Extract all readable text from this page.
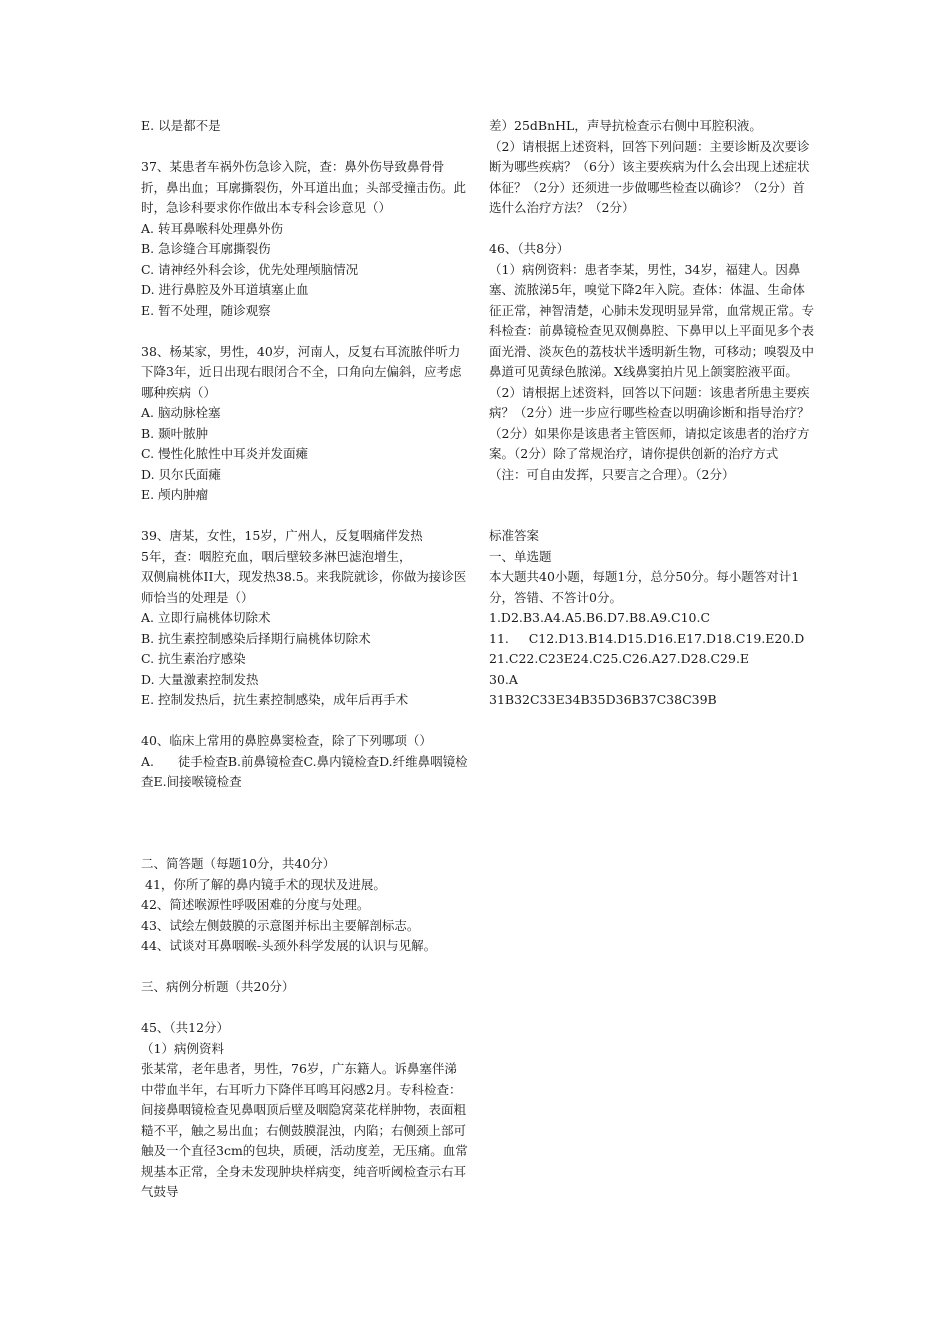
E. 以是都不是
37、某患者车祸外伤急诊入院，查：鼻外伤导致鼻骨骨折，鼻出血；耳廓撕裂伤，外耳道出血；头部受撞击伤。此时，急诊科要求你作做出本专科会诊意见（）
A. 转耳鼻喉科处理鼻外伤
B. 急诊缝合耳廓撕裂伤
C. 请神经外科会诊，优先处理颅脑情况
D. 进行鼻腔及外耳道填塞止血
E. 暂不处理，随诊观察
38、杨某家，男性，40岁，河南人，反复右耳流脓伴听力下降3年，近日出现右眼闭合不全，口角向左偏斜，应考虑哪种疾病（）
A. 脑动脉栓塞
B. 颞叶脓肿
C. 慢性化脓性中耳炎并发面瘫
D. 贝尔氏面瘫
E. 颅内肿瘤
39、唐某，女性，15岁，广州人，反复咽痛伴发热
5年，查：咽腔充血，咽后壁较多淋巴滤泡增生，
双侧扁桃体II大，现发热38.5。来我院就诊，你做为接诊医师恰当的处理是（）
A. 立即行扁桃体切除术
B. 抗生素控制感染后择期行扁桃体切除术
C. 抗生素治疗感染
D. 大量激素控制发热
E. 控制发热后，抗生素控制感染，成年后再手术
40、临床上常用的鼻腔鼻窦检查，除了下列哪项（）
A.      徒手检查B.前鼻镜检查C.鼻内镜检查D.纤维鼻咽镜检查E.间接喉镜检查
二、简答题（每题10分，共40分）
41，你所了解的鼻内镜手术的现状及进展。
42、简述喉源性呼吸困难的分度与处理。
43、试绘左侧鼓膜的示意图并标出主要解剖标志。
44、试谈对耳鼻咽喉-头颈外科学发展的认识与见解。
三、病例分析题（共20分）
45、（共12分）
（1）病例资料
张某常，老年患者，男性，76岁，广东籍人。诉鼻塞伴涕中带血半年，右耳听力下降伴耳鸣耳闷感2月。专科检查：间接鼻咽镜检查见鼻咽顶后壁及咽隐窝菜花样肿物，表面粗糙不平，触之易出血；右侧鼓膜混浊，内陷；右侧颈上部可触及一个直径3cm的包块，质硬，活动度差，无压痛。血常规基本正常，全身未发现肿块样病变，纯音听阈检查示右耳气鼓导
差）25dBnHL，声导抗检查示右侧中耳腔积液。
（2）请根据上述资料，回答下列问题：主要诊断及次要诊断为哪些疾病？（6分）该主要疾病为什么会出现上述症状体征？（2分）还须进一步做哪些检查以确诊？（2分）首选什么治疗方法？（2分）
46、（共8分）
（1）病例资料：患者李某，男性，34岁，福建人。因鼻塞、流脓涕5年，嗅觉下降2年入院。查体：体温、生命体征正常，神智清楚，心肺未发现明显异常，血常规正常。专科检查：前鼻镜检查见双侧鼻腔、下鼻甲以上平面见多个表面光滑、淡灰色的荔枝状半透明新生物，可移动；嗅裂及中鼻道可见黄绿色脓涕。X线鼻窦拍片见上颌窦腔液平面。
（2）请根据上述资料，回答以下问题：该患者所患主要疾病？（2分）进一步应行哪些检查以明确诊断和指导治疗？（2分）如果你是该患者主管医师，请拟定该患者的治疗方案。（2分）除了常规治疗，请你提供创新的治疗方式（注：可自由发挥，只要言之合理）。（2分）
标准答案
一、单选题
本大题共40小题，每题1分，总分50分。每小题答对计1分，答错、不答计0分。
1.D2.B3.A4.A5.B6.D7.B8.A9.C10.C
11.     C12.D13.B14.D15.D16.E17.D18.C19.E20.D
21.C22.C23E24.C25.C26.A27.D28.C29.E
30.A
31B32C33E34B35D36B37C38C39B
